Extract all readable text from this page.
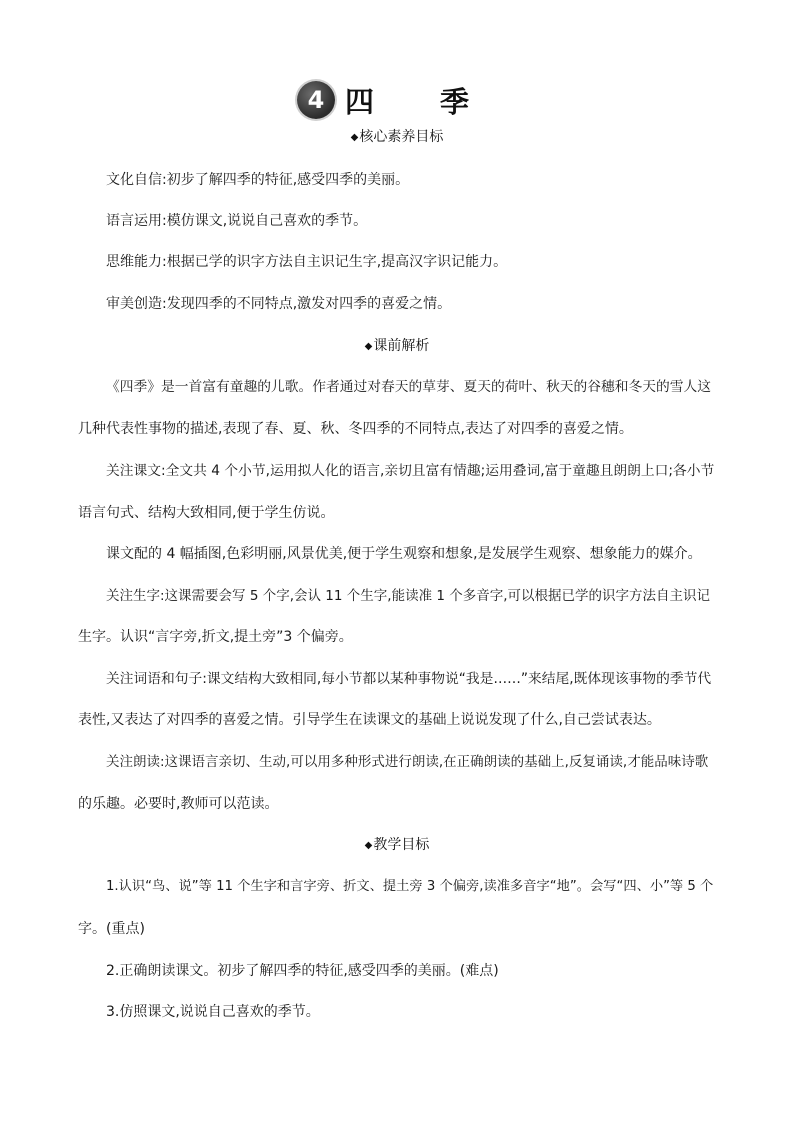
4 四 季
◆核心素养目标
文化自信:初步了解四季的特征,感受四季的美丽。
语言运用:模仿课文,说说自己喜欢的季节。
思维能力:根据已学的识字方法自主识记生字,提高汉字识记能力。
审美创造:发现四季的不同特点,激发对四季的喜爱之情。
◆课前解析
《四季》是一首富有童趣的儿歌。作者通过对春天的草芽、夏天的荷叶、秋天的谷穗和冬天的雪人这
几种代表性事物的描述,表现了春、夏、秋、冬四季的不同特点,表达了对四季的喜爱之情。
关注课文:全文共 4 个小节,运用拟人化的语言,亲切且富有情趣;运用叠词,富于童趣且朗朗上口;各小节
语言句式、结构大致相同,便于学生仿说。
课文配的 4 幅插图,色彩明丽,风景优美,便于学生观察和想象,是发展学生观察、想象能力的媒介。
关注生字:这课需要会写 5 个字,会认 11 个生字,能读准 1 个多音字,可以根据已学的识字方法自主识记
生字。认识“言字旁,折文,提土旁”3 个偏旁。
关注词语和句子:课文结构大致相同,每小节都以某种事物说“我是……”来结尾,既体现该事物的季节代
表性,又表达了对四季的喜爱之情。引导学生在读课文的基础上说说发现了什么,自己尝试表达。
关注朗读:这课语言亲切、生动,可以用多种形式进行朗读,在正确朗读的基础上,反复诵读,才能品味诗歌
的乐趣。必要时,教师可以范读。
◆教学目标
1.认识“鸟、说”等 11 个生字和言字旁、折文、提土旁 3 个偏旁,读准多音字“地”。会写“四、小”等 5 个
字。(重点)
2.正确朗读课文。初步了解四季的特征,感受四季的美丽。(难点)
3.仿照课文,说说自己喜欢的季节。
